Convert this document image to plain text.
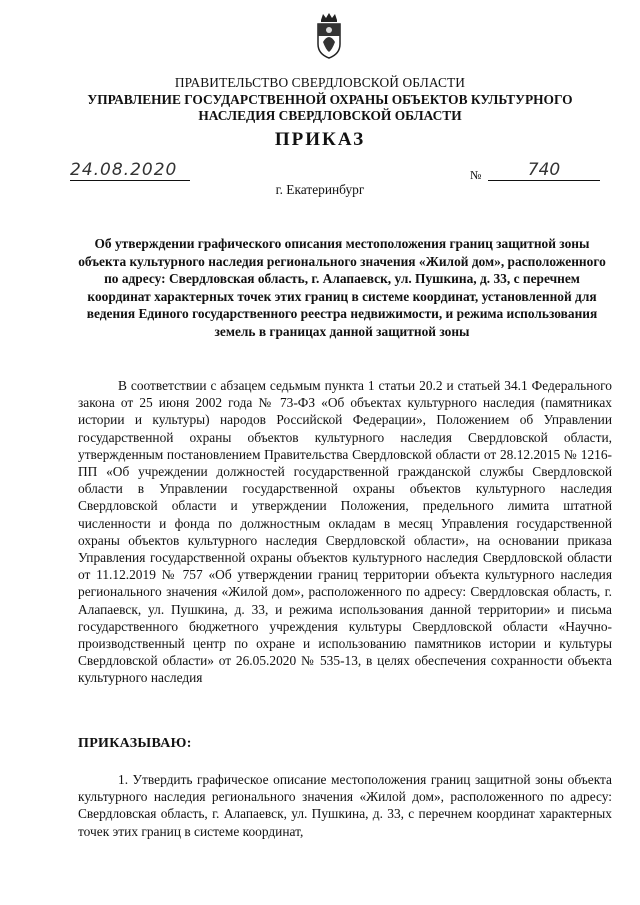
ПРАВИТЕЛЬСТВО СВЕРДЛОВСКОЙ ОБЛАСТИ
УПРАВЛЕНИЕ ГОСУДАРСТВЕННОЙ ОХРАНЫ ОБЪЕКТОВ КУЛЬТУРНОГО НАСЛЕДИЯ СВЕРДЛОВСКОЙ ОБЛАСТИ
ПРИКАЗ
24.08.2020	№	740
г. Екатеринбург
Об утверждении графического описания местоположения границ защитной зоны объекта культурного наследия регионального значения «Жилой дом», расположенного по адресу: Свердловская область, г. Алапаевск, ул. Пушкина, д. 33, с перечнем координат характерных точек этих границ в системе координат, установленной для ведения Единого государственного реестра недвижимости, и режима использования земель в границах данной защитной зоны
В соответствии с абзацем седьмым пункта 1 статьи 20.2 и статьей 34.1 Федерального закона от 25 июня 2002 года № 73-ФЗ «Об объектах культурного наследия (памятниках истории и культуры) народов Российской Федерации», Положением об Управлении государственной охраны объектов культурного наследия Свердловской области, утвержденным постановлением Правительства Свердловской области от 28.12.2015 № 1216-ПП «Об учреждении должностей государственной гражданской службы Свердловской области в Управлении государственной охраны объектов культурного наследия Свердловской области и утверждении Положения, предельного лимита штатной численности и фонда по должностным окладам в месяц Управления государственной охраны объектов культурного наследия Свердловской области», на основании приказа Управления государственной охраны объектов культурного наследия Свердловской области от 11.12.2019 № 757 «Об утверждении границ территории объекта культурного наследия регионального значения «Жилой дом», расположенного по адресу: Свердловская область, г. Алапаевск, ул. Пушкина, д. 33, и режима использования данной территории» и письма государственного бюджетного учреждения культуры Свердловской области «Научно-производственный центр по охране и использованию памятников истории и культуры Свердловской области» от 26.05.2020 № 535-13, в целях обеспечения сохранности объекта культурного наследия
ПРИКАЗЫВАЮ:
1. Утвердить графическое описание местоположения границ защитной зоны объекта культурного наследия регионального значения «Жилой дом», расположенного по адресу: Свердловская область, г. Алапаевск, ул. Пушкина, д. 33, с перечнем координат характерных точек этих границ в системе координат,
